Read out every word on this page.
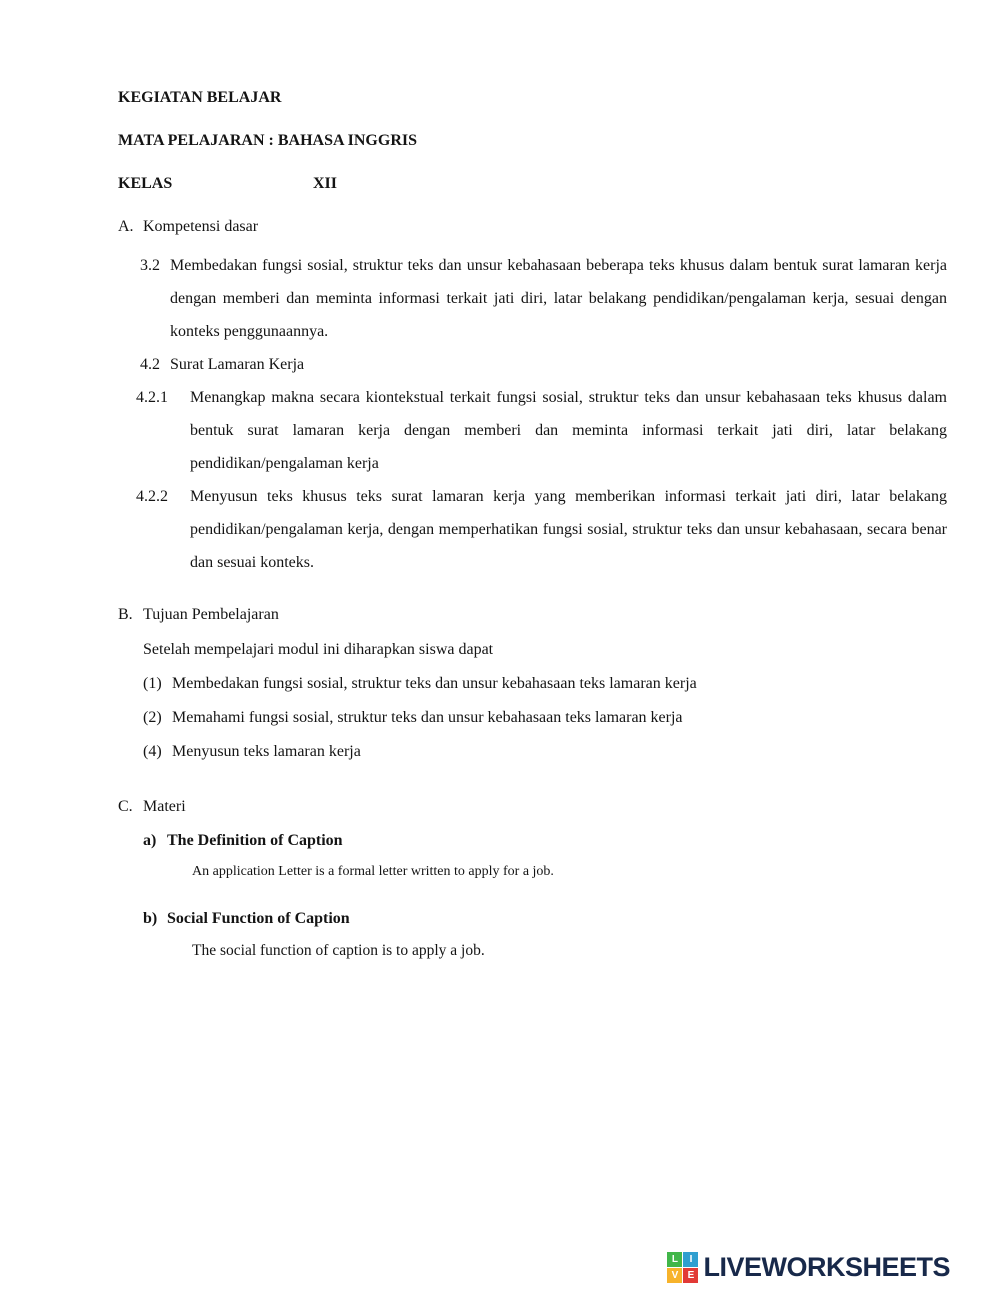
KEGIATAN BELAJAR
MATA PELAJARAN : BAHASA INGGRIS
KELAS	XII
A. Kompetensi dasar
3.2 Membedakan fungsi sosial, struktur teks dan unsur kebahasaan beberapa teks khusus dalam bentuk surat lamaran kerja dengan memberi dan meminta informasi terkait jati diri, latar belakang pendidikan/pengalaman kerja, sesuai dengan konteks penggunaannya.
4.2 Surat Lamaran Kerja
4.2.1	Menangkap makna secara kiontekstual terkait fungsi sosial, struktur teks dan unsur kebahasaan teks khusus dalam bentuk surat lamaran kerja dengan memberi dan meminta informasi terkait jati diri, latar belakang pendidikan/pengalaman kerja
4.2.2	Menyusun teks khusus teks surat lamaran kerja yang memberikan informasi terkait jati diri, latar belakang pendidikan/pengalaman kerja, dengan memperhatikan fungsi sosial, struktur teks dan unsur kebahasaan, secara benar dan sesuai konteks.
B. Tujuan Pembelajaran
Setelah mempelajari modul ini diharapkan siswa dapat
(1) Membedakan fungsi sosial, struktur teks dan unsur kebahasaan teks lamaran kerja
(2) Memahami fungsi sosial, struktur teks dan unsur kebahasaan teks lamaran kerja
(4) Menyusun teks lamaran kerja
C. Materi
a) The Definition of Caption
An application Letter is a formal letter written to apply for a job.
b) Social Function of Caption
The social function of caption is to apply a job.
L	I
V E LIVEWORKSHEETS
